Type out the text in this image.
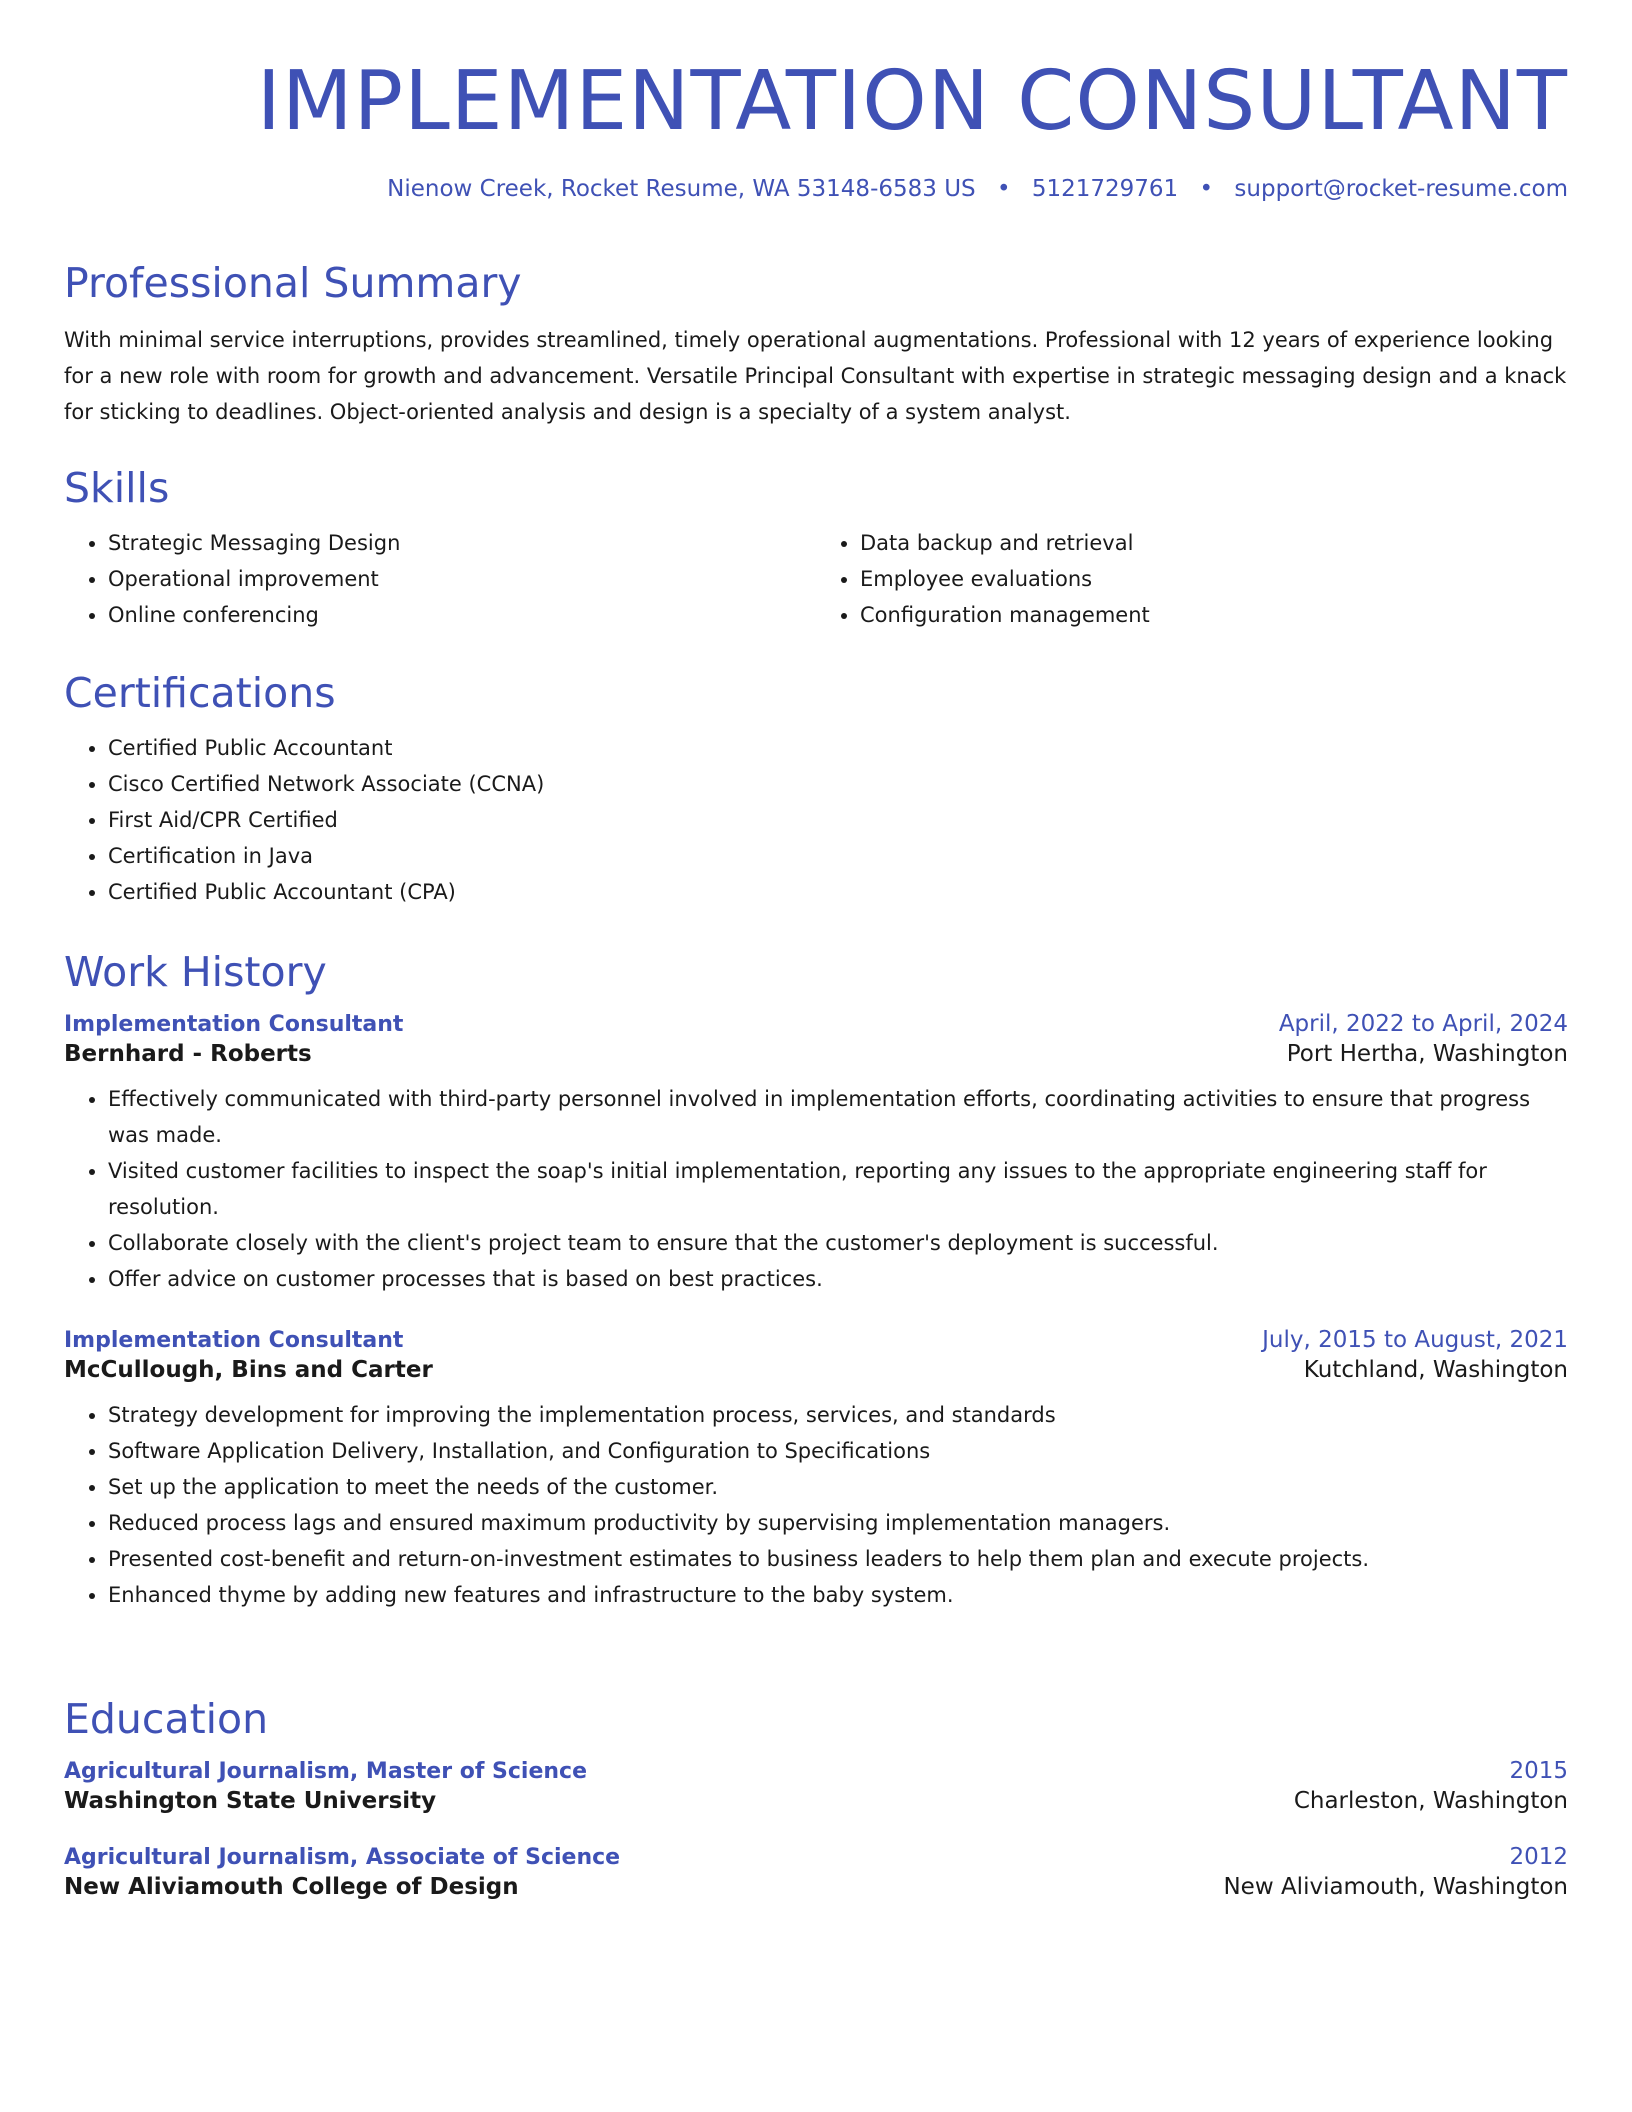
IMPLEMENTATION CONSULTANT
Nienow Creek, Rocket Resume, WA 53148-6583 US • 5121729761 • support@rocket-resume.com
Professional Summary

With minimal service interruptions, provides streamlined, timely operational augmentations. Professional with 12 years of experience looking for a new role with room for growth and advancement. Versatile Principal Consultant with expertise in strategic messaging design and a knack for sticking to deadlines. Object-oriented analysis and design is a specialty of a system analyst.

Skills
• Strategic Messaging Design
• Operational improvement
• Online conferencing
• Data backup and retrieval
• Employee evaluations
• Configuration management
Certifications
• Certified Public Accountant
• Cisco Certified Network Associate (CCNA)
• First Aid/CPR Certified
• Certification in Java
• Certified Public Accountant (CPA)
Work History
Implementation Consultant	April, 2022 to April, 2024
Bernhard - Roberts	Port Hertha, Washington
• Effectively communicated with third-party personnel involved in implementation efforts, coordinating activities to ensure that progress was made.
• Visited customer facilities to inspect the soap's initial implementation, reporting any issues to the appropriate engineering staff for resolution.
• Collaborate closely with the client's project team to ensure that the customer's deployment is successful.
• Offer advice on customer processes that is based on best practices.
Implementation Consultant	July, 2015 to August, 2021
McCullough, Bins and Carter	Kutchland, Washington
• Strategy development for improving the implementation process, services, and standards
• Software Application Delivery, Installation, and Configuration to Specifications
• Set up the application to meet the needs of the customer.
• Reduced process lags and ensured maximum productivity by supervising implementation managers.
• Presented cost-benefit and return-on-investment estimates to business leaders to help them plan and execute projects.
• Enhanced thyme by adding new features and infrastructure to the baby system.
Education
Agricultural Journalism, Master of Science	2015
Washington State University	Charleston, Washington
Agricultural Journalism, Associate of Science	2012
New Aliviamouth College of Design	New Aliviamouth, Washington
